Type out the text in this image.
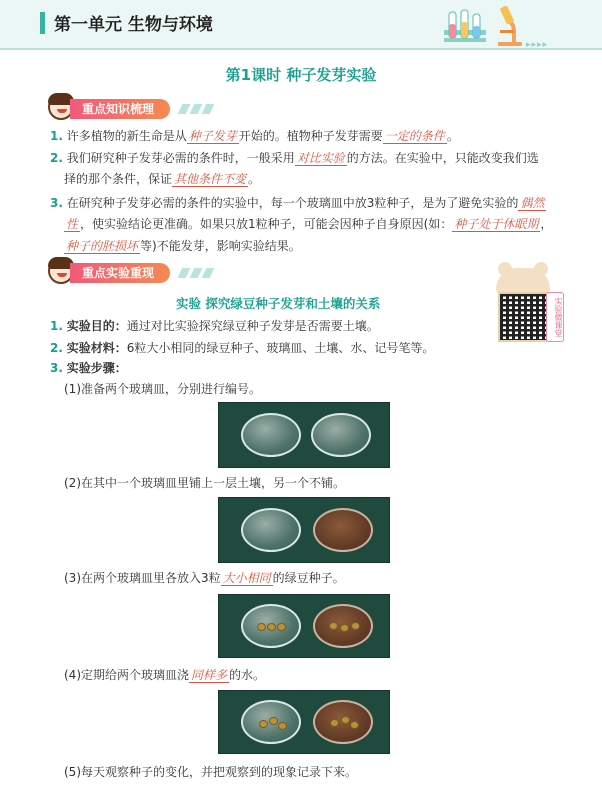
第一单元 生物与环境
▸▸▸▸
第1课时 种子发芽实验
重点知识梳理
1. 许多植物的新生命是从 种子发芽 开始的。植物种子发芽需要 一定的条件 。
2. 我们研究种子发芽必需的条件时，一般采用 对比实验 的方法。在实验中，只能改变我们选
择的那个条件，保证 其他条件不变 。
3. 在研究种子发芽必需的条件的实验中，每一个玻璃皿中放3粒种子，是为了避免实验的 偶然
性 ，使实验结论更准确。如果只放1粒种子，可能会因种子自身原因(如： 种子处于休眠期 ，
种子的胚损坏 等)不能发芽，影响实验结果。
重点实验重现
实验微课堂
实验 探究绿豆种子发芽和土壤的关系
1. 实验目的：通过对比实验探究绿豆种子发芽是否需要土壤。
2. 实验材料：6粒大小相同的绿豆种子、玻璃皿、土壤、水、记号笔等。
3. 实验步骤：
(1)准备两个玻璃皿，分别进行编号。
(2)在其中一个玻璃皿里铺上一层土壤，另一个不铺。
(3)在两个玻璃皿里各放入3粒 大小相同 的绿豆种子。
(4)定期给两个玻璃皿浇 同样多 的水。
(5)每天观察种子的变化，并把观察到的现象记录下来。
